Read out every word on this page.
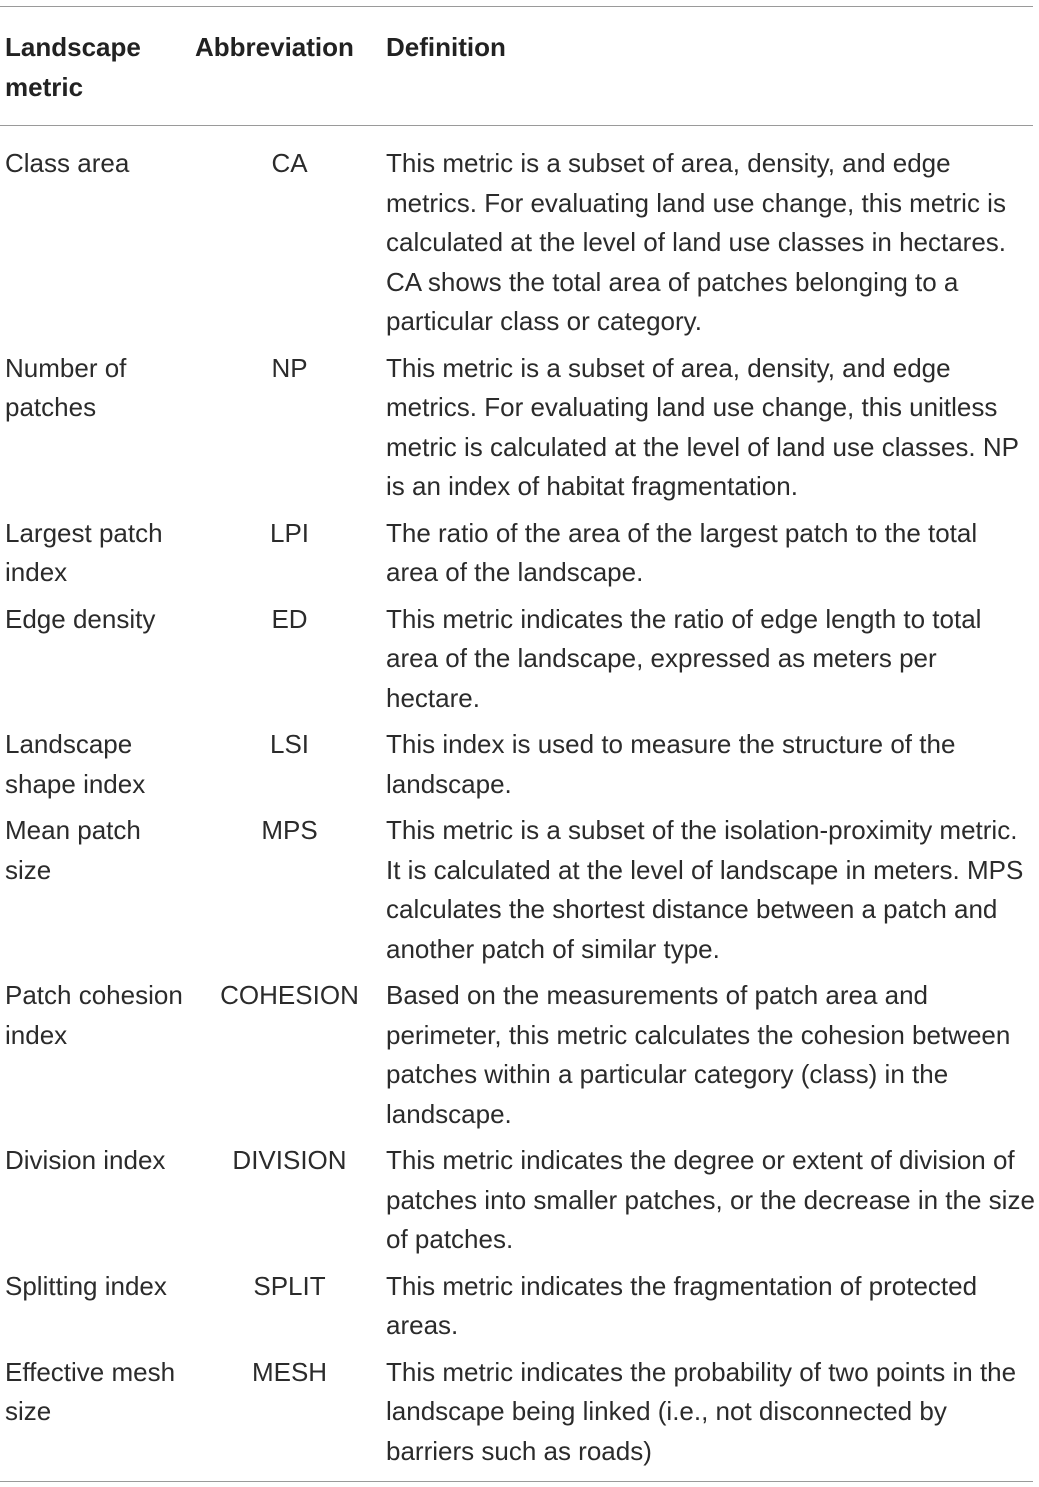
Landscape metric	Abbreviation	Definition
Class area	CA	This metric is a subset of area, density, and edge metrics. For evaluating land use change, this metric is calculated at the level of land use classes in hectares. CA shows the total area of patches belonging to a particular class or category.
Number of patches	NP	This metric is a subset of area, density, and edge metrics. For evaluating land use change, this unitless metric is calculated at the level of land use classes. NP is an index of habitat fragmentation.
Largest patch index	LPI	The ratio of the area of the largest patch to the total area of the landscape.
Edge density	ED	This metric indicates the ratio of edge length to total area of the landscape, expressed as meters per hectare.
Landscape shape index	LSI	This index is used to measure the structure of the landscape.
Mean patch size	MPS	This metric is a subset of the isolation-proximity metric. It is calculated at the level of landscape in meters. MPS calculates the shortest distance between a patch and another patch of similar type.
Patch cohesion index	COHESION	Based on the measurements of patch area and perimeter, this metric calculates the cohesion between patches within a particular category (class) in the landscape.
Division index	DIVISION	This metric indicates the degree or extent of division of patches into smaller patches, or the decrease in the size of patches.
Splitting index	SPLIT	This metric indicates the fragmentation of protected areas.
Effective mesh size	MESH	This metric indicates the probability of two points in the landscape being linked (i.e., not disconnected by barriers such as roads)
